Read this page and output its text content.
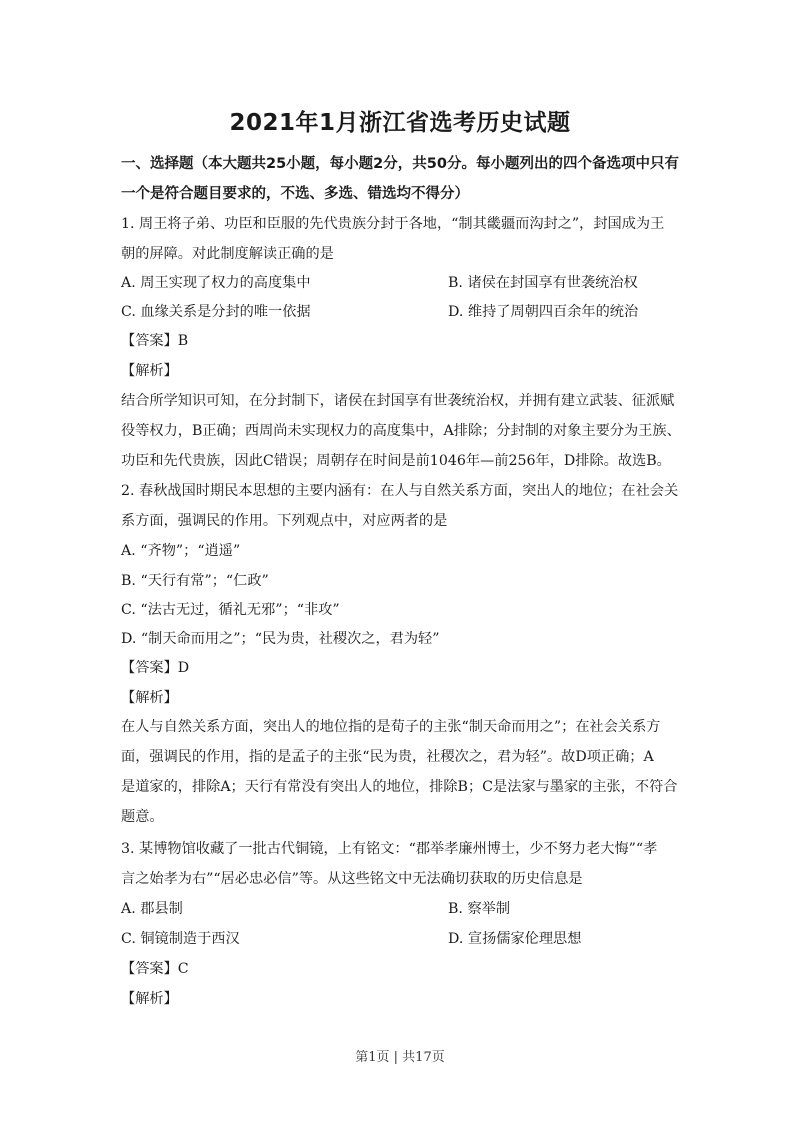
2021年1月浙江省选考历史试题
一、选择题（本大题共25小题，每小题2分，共50分。每小题列出的四个备选项中只有
一个是符合题目要求的，不选、多选、错选均不得分）
1. 周王将子弟、功臣和臣服的先代贵族分封于各地，“制其畿疆而沟封之”，封国成为王
朝的屏障。对此制度解读正确的是
A. 周王实现了权力的高度集中	B. 诸侯在封国享有世袭统治权
C. 血缘关系是分封的唯一依据	D. 维持了周朝四百余年的统治
【答案】B
【解析】
结合所学知识可知，在分封制下，诸侯在封国享有世袭统治权，并拥有建立武装、征派赋
役等权力，B正确；西周尚未实现权力的高度集中，A排除；分封制的对象主要分为王族、
功臣和先代贵族，因此C错误；周朝存在时间是前1046年—前256年，D排除。故选B。
2. 春秋战国时期民本思想的主要内涵有：在人与自然关系方面，突出人的地位；在社会关
系方面，强调民的作用。下列观点中，对应两者的是
A. “齐物”；“逍遥”
B. “天行有常”；“仁政”
C. “法古无过，循礼无邪”；“非攻”
D. “制天命而用之”；“民为贵，社稷次之，君为轻”
【答案】D
【解析】
在人与自然关系方面，突出人的地位指的是荀子的主张“制天命而用之”；在社会关系方
面，强调民的作用，指的是孟子的主张“民为贵，社稷次之，君为轻”。故D项正确；A
是道家的，排除A；天行有常没有突出人的地位，排除B；C是法家与墨家的主张，不符合
题意。
3. 某博物馆收藏了一批古代铜镜，上有铭文：“郡举孝廉州博士，少不努力老大悔”“孝
言之始孝为右”“居必忠必信”等。从这些铭文中无法确切获取的历史信息是
A. 郡县制	B. 察举制
C. 铜镜制造于西汉	D. 宣扬儒家伦理思想
【答案】C
【解析】
第1页 | 共17页
